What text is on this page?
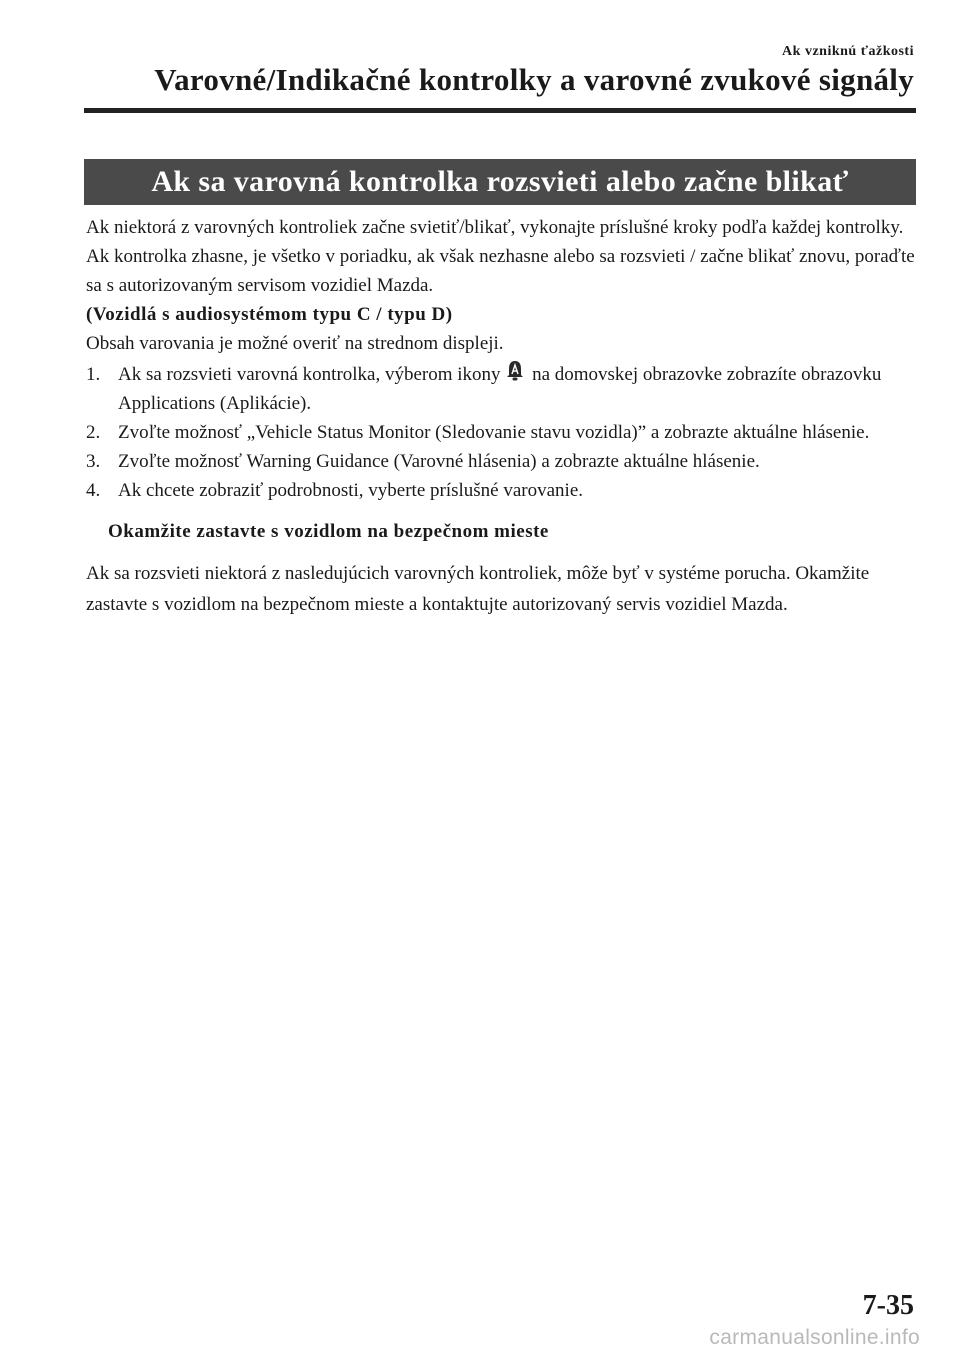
Ak vzniknú ťažkosti
Varovné/Indikačné kontrolky a varovné zvukové signály
Ak sa varovná kontrolka rozsvieti alebo začne blikať

Ak niektorá z varovných kontroliek začne svietiť/blikať, vykonajte príslušné kroky podľa každej kontrolky. Ak kontrolka zhasne, je všetko v poriadku, ak však nezhasne alebo sa rozsvieti / začne blikať znovu, poraďte sa s autorizovaným servisom vozidiel Mazda.

(Vozidlá s audiosystémom typu C / typu D)

Obsah varovania je možné overiť na strednom displeji.

1. Ak sa rozsvieti varovná kontrolka, výberom ikony na domovskej obrazovke zobrazíte obrazovku Applications (Aplikácie).
2. Zvoľte možnosť „Vehicle Status Monitor (Sledovanie stavu vozidla)” a zobrazte aktuálne hlásenie.
3. Zvoľte možnosť Warning Guidance (Varovné hlásenia) a zobrazte aktuálne hlásenie.
4. Ak chcete zobraziť podrobnosti, vyberte príslušné varovanie.

Okamžite zastavte s vozidlom na bezpečnom mieste

Ak sa rozsvieti niektorá z nasledujúcich varovných kontroliek, môže byť v systéme porucha. Okamžite zastavte s vozidlom na bezpečnom mieste a kontaktujte autorizovaný servis vozidiel Mazda.

7-35
carmanualsonline.info
